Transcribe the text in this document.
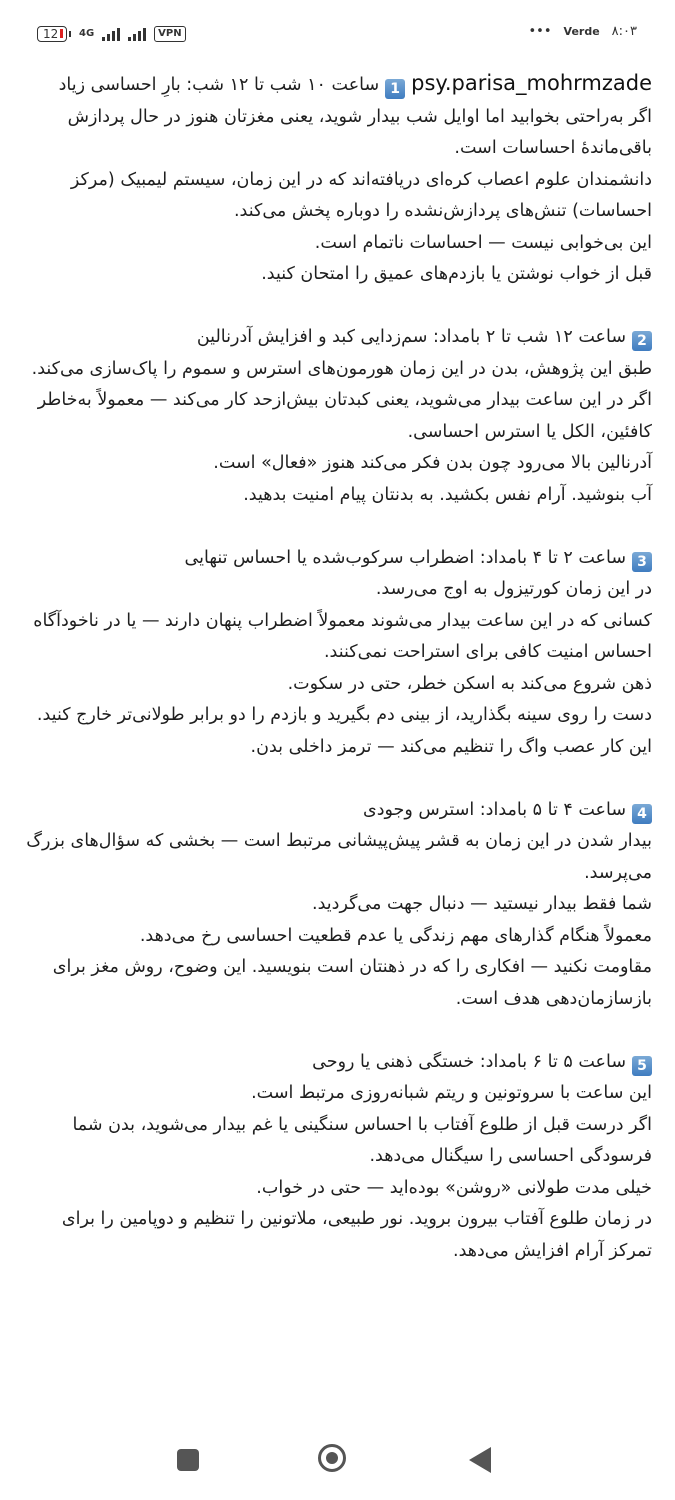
12	4G	VPN	••• Verde ۸:۰۳

psy.parisa_mohrmzade1ساعت ۱۰ شب تا ۱۲ شب: بارِ احساسی زیاد

اگر به‌راحتی بخوابید اما اوایل شب بیدار شوید، یعنی مغزتان هنوز در حال پردازش باقی‌ماندهٔ احساسات است.

دانشمندان علوم اعصاب کره‌ای دریافته‌اند که در این زمان، سیستم لیمبیک (مرکز احساسات) تنش‌های پردازش‌نشده را دوباره پخش می‌کند.

این بی‌خوابی نیست — احساسات ناتمام است.

قبل از خواب نوشتن یا بازدم‌های عمیق را امتحان کنید.

2ساعت ۱۲ شب تا ۲ بامداد: سم‌زدایی کبد و افزایش آدرنالین

طبق این پژوهش، بدن در این زمان هورمون‌های استرس و سموم را پاک‌سازی می‌کند.

اگر در این ساعت بیدار می‌شوید، یعنی کبدتان بیش‌ازحد کار می‌کند — معمولاً به‌خاطر کافئین، الکل یا استرس احساسی.

آدرنالین بالا می‌رود چون بدن فکر می‌کند هنوز «فعال» است.

آب بنوشید. آرام نفس بکشید. به بدنتان پیام امنیت بدهید.

3ساعت ۲ تا ۴ بامداد: اضطراب سرکوب‌شده یا احساس تنهایی

در این زمان کورتیزول به اوج می‌رسد.

کسانی که در این ساعت بیدار می‌شوند معمولاً اضطراب پنهان دارند — یا در ناخودآگاه احساس امنیت کافی برای استراحت نمی‌کنند.

ذهن شروع می‌کند به اسکن خطر، حتی در سکوت.

دست را روی سینه بگذارید، از بینی دم بگیرید و بازدم را دو برابر طولانی‌تر خارج کنید.

این کار عصب واگ را تنظیم می‌کند — ترمز داخلی بدن.

4ساعت ۴ تا ۵ بامداد: استرس وجودی

بیدار شدن در این زمان به قشر پیش‌پیشانی مرتبط است — بخشی که سؤال‌های بزرگ می‌پرسد.

شما فقط بیدار نیستید — دنبال جهت می‌گردید.

معمولاً هنگام گذارهای مهم زندگی یا عدم قطعیت احساسی رخ می‌دهد.

مقاومت نکنید — افکاری را که در ذهنتان است بنویسید. این وضوح، روش مغز برای بازسازمان‌دهی هدف است.

5ساعت ۵ تا ۶ بامداد: خستگی ذهنی یا روحی

این ساعت با سروتونین و ریتم شبانه‌روزی مرتبط است.

اگر درست قبل از طلوع آفتاب با احساس سنگینی یا غم بیدار می‌شوید، بدن شما فرسودگی احساسی را سیگنال می‌دهد.

خیلی مدت طولانی «روشن» بوده‌اید — حتی در خواب.

در زمان طلوع آفتاب بیرون بروید. نور طبیعی، ملاتونین را تنظیم و دوپامین را برای تمرکز آرام افزایش می‌دهد.
